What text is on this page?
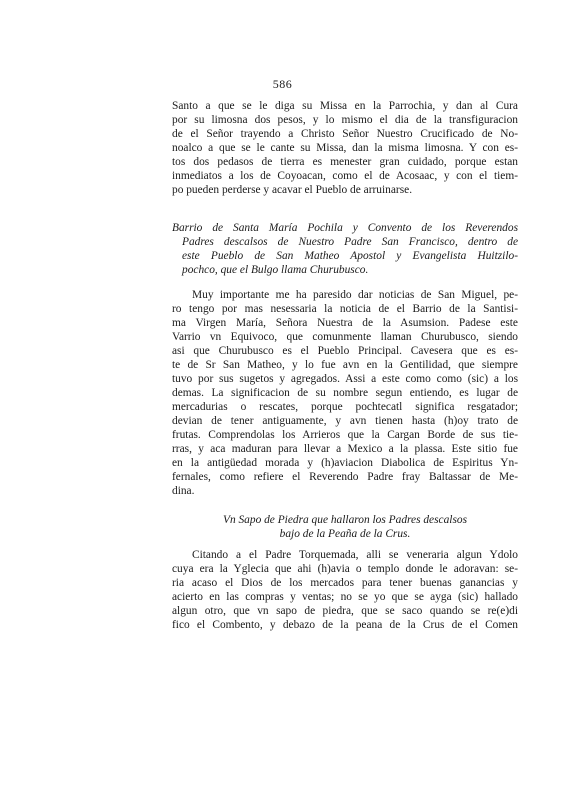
586
Santo a que se le diga su Missa en la Parrochia, y dan al Cura
por su limosna dos pesos, y lo mismo el dia de la transfiguracion
de el Señor trayendo a Christo Señor Nuestro Crucificado de No-
noalco a que se le cante su Missa, dan la misma limosna. Y con es-
tos dos pedasos de tierra es menester gran cuidado, porque estan
inmediatos a los de Coyoacan, como el de Acosaac, y con el tiem-
po pueden perderse y acavar el Pueblo de arruinarse.
Barrio de Santa María Pochila y Convento de los Reverendos
Padres descalsos de Nuestro Padre San Francisco, dentro de
este Pueblo de San Matheo Apostol y Evangelista Huitzilo-
pochco, que el Bulgo llama Churubusco.
Muy importante me ha paresido dar noticias de San Miguel, pe-
ro tengo por mas nesessaria la noticia de el Barrio de la Santisi-
ma Virgen María, Señora Nuestra de la Asumsion. Padese este
Varrio vn Equivoco, que comunmente llaman Churubusco, siendo
asi que Churubusco es el Pueblo Principal. Cavesera que es es-
te de Sr San Matheo, y lo fue avn en la Gentilidad, que siempre
tuvo por sus sugetos y agregados. Assi a este como como (sic) a los
demas. La significacion de su nombre segun entiendo, es lugar de
mercadurias o rescates, porque pochtecatl significa resgatador;
devian de tener antiguamente, y avn tienen hasta (h)oy trato de
frutas. Comprendolas los Arrieros que la Cargan Borde de sus tie-
rras, y aca maduran para llevar a Mexico a la plassa. Este sitio fue
en la antigüedad morada y (h)aviacion Diabolica de Espiritus Yn-
fernales, como refiere el Reverendo Padre fray Baltassar de Me-
dina.
Vn Sapo de Piedra que hallaron los Padres descalsos
bajo de la Peaña de la Crus.
Citando a el Padre Torquemada, alli se veneraria algun Ydolo
cuya era la Yglecia que ahi (h)avia o templo donde le adoravan: se-
ria acaso el Dios de los mercados para tener buenas ganancias y
acierto en las compras y ventas; no se yo que se ayga (sic) hallado
algun otro, que vn sapo de piedra, que se saco quando se re(e)di
fico el Combento, y debazo de la peana de la Crus de el Comen
